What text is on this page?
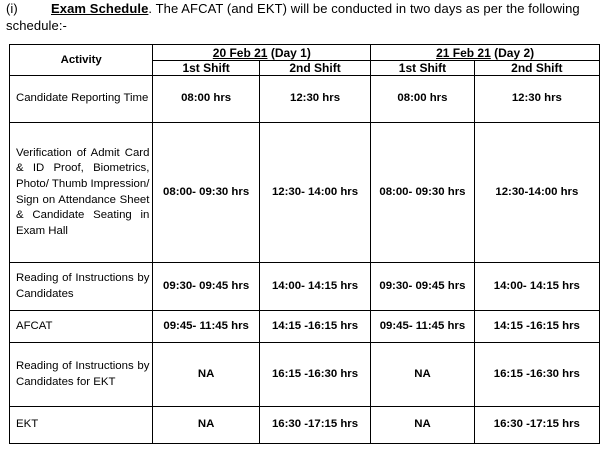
(i)	Exam Schedule. The AFCAT (and EKT) will be conducted in two days as per the following schedule:-
Activity	20 Feb 21 (Day 1)		21 Feb 21 (Day 2)	
	1st Shift	2nd Shift	1st Shift	2nd Shift
Candidate Reporting Time	08:00 hrs	12:30 hrs	08:00 hrs	12:30 hrs
Verification of Admit Card & ID Proof, Biometrics, Photo/ Thumb Impression/ Sign on Attendance Sheet & Candidate Seating in Exam Hall	08:00- 09:30 hrs	12:30- 14:00 hrs	08:00- 09:30 hrs	12:30-14:00 hrs
Reading of Instructions by Candidates	09:30- 09:45 hrs	14:00- 14:15 hrs	09:30- 09:45 hrs	14:00- 14:15 hrs
AFCAT	09:45- 11:45 hrs	14:15 -16:15 hrs	09:45- 11:45 hrs	14:15 -16:15 hrs
Reading of Instructions by Candidates for EKT	NA	16:15 -16:30 hrs	NA	16:15 -16:30 hrs
EKT	NA	16:30 -17:15 hrs	NA	16:30 -17:15 hrs
